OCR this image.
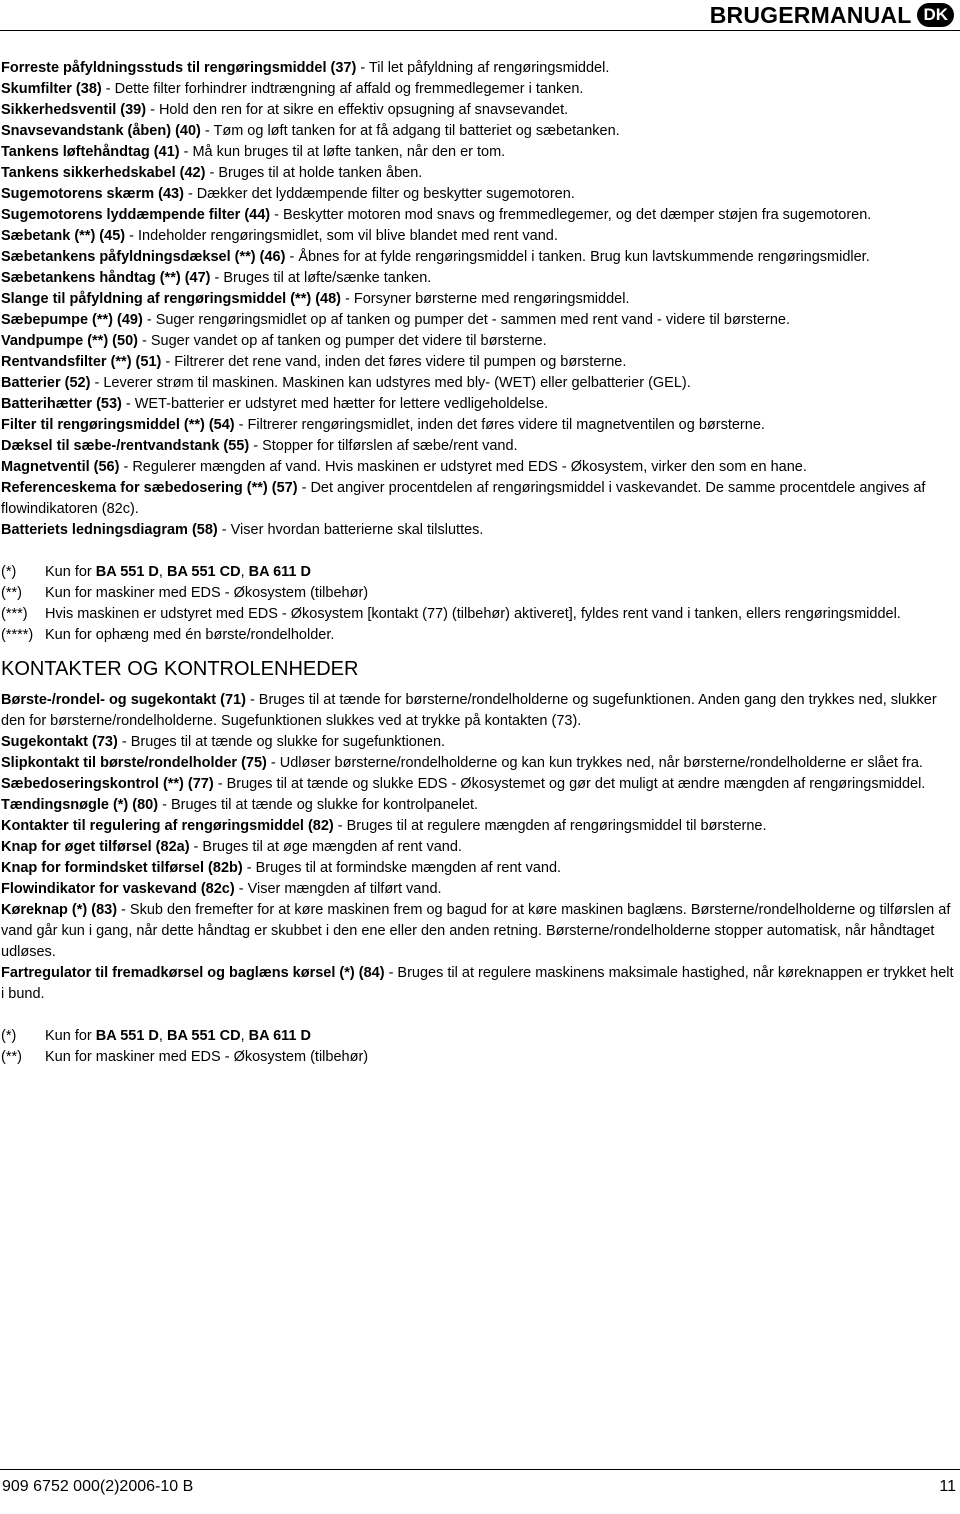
BRUGERMANUAL DK

Forreste påfyldningsstuds til rengøringsmiddel (37) - Til let påfyldning af rengøringsmiddel.

Skumfilter (38) - Dette filter forhindrer indtrængning af affald og fremmedlegemer i tanken.

Sikkerhedsventil (39) - Hold den ren for at sikre en effektiv opsugning af snavsevandet.

Snavsevandstank (åben) (40) - Tøm og løft tanken for at få adgang til batteriet og sæbetanken.

Tankens løftehåndtag (41) - Må kun bruges til at løfte tanken, når den er tom.

Tankens sikkerhedskabel (42) - Bruges til at holde tanken åben.

Sugemotorens skærm (43) - Dækker det lyddæmpende filter og beskytter sugemotoren.

Sugemotorens lyddæmpende filter (44) - Beskytter motoren mod snavs og fremmedlegemer, og det dæmper støjen fra sugemotoren.

Sæbetank (**) (45) - Indeholder rengøringsmidlet, som vil blive blandet med rent vand.

Sæbetankens påfyldningsdæksel (**) (46) - Åbnes for at fylde rengøringsmiddel i tanken. Brug kun lavtskummende rengøringsmidler.

Sæbetankens håndtag (**) (47) - Bruges til at løfte/sænke tanken.

Slange til påfyldning af rengøringsmiddel (**) (48) - Forsyner børsterne med rengøringsmiddel.

Sæbepumpe (**) (49) - Suger rengøringsmidlet op af tanken og pumper det - sammen med rent vand - videre til børsterne.

Vandpumpe (**) (50) - Suger vandet op af tanken og pumper det videre til børsterne.

Rentvandsfilter (**) (51) - Filtrerer det rene vand, inden det føres videre til pumpen og børsterne.

Batterier (52) - Leverer strøm til maskinen. Maskinen kan udstyres med bly- (WET) eller gelbatterier (GEL).

Batterihætter (53) - WET-batterier er udstyret med hætter for lettere vedligeholdelse.

Filter til rengøringsmiddel (**) (54) - Filtrerer rengøringsmidlet, inden det føres videre til magnetventilen og børsterne.

Dæksel til sæbe-/rentvandstank (55) - Stopper for tilførslen af sæbe/rent vand.

Magnetventil (56) - Regulerer mængden af vand. Hvis maskinen er udstyret med EDS - Økosystem, virker den som en hane.

Referenceskema for sæbedosering (**) (57) - Det angiver procentdelen af rengøringsmiddel i vaskevandet. De samme procentdele angives af flowindikatoren (82c).

Batteriets ledningsdiagram (58) - Viser hvordan batterierne skal tilsluttes.

(*)	Kun for BA 551 D, BA 551 CD, BA 611 D
(**)	Kun for maskiner med EDS - Økosystem (tilbehør)
(***)	Hvis maskinen er udstyret med EDS - Økosystem [kontakt (77) (tilbehør) aktiveret], fyldes rent vand i tanken, ellers rengøringsmiddel.
(****) Kun for ophæng med én børste/rondelholder.
KONTAKTER OG KONTROLENHEDER

Børste-/rondel- og sugekontakt (71) - Bruges til at tænde for børsterne/rondelholderne og sugefunktionen. Anden gang den trykkes ned, slukker den for børsterne/rondelholderne. Sugefunktionen slukkes ved at trykke på kontakten (73).

Sugekontakt (73) - Bruges til at tænde og slukke for sugefunktionen.

Slipkontakt til børste/rondelholder (75) - Udløser børsterne/rondelholderne og kan kun trykkes ned, når børsterne/rondelholderne er slået fra.

Sæbedoseringskontrol (**) (77) - Bruges til at tænde og slukke EDS - Økosystemet og gør det muligt at ændre mængden af rengøringsmiddel.

Tændingsnøgle (*) (80) - Bruges til at tænde og slukke for kontrolpanelet.

Kontakter til regulering af rengøringsmiddel (82) - Bruges til at regulere mængden af rengøringsmiddel til børsterne.

Knap for øget tilførsel (82a) - Bruges til at øge mængden af rent vand.

Knap for formindsket tilførsel (82b) - Bruges til at formindske mængden af rent vand.

Flowindikator for vaskevand (82c) - Viser mængden af tilført vand.

Køreknap (*) (83) - Skub den fremefter for at køre maskinen frem og bagud for at køre maskinen baglæns. Børsterne/rondelholderne og tilførslen af vand går kun i gang, når dette håndtag er skubbet i den ene eller den anden retning. Børsterne/rondelholderne stopper automatisk, når håndtaget udløses.

Fartregulator til fremadkørsel og baglæns kørsel (*) (84) - Bruges til at regulere maskinens maksimale hastighed, når køreknappen er trykket helt i bund.

(*)	Kun for BA 551 D, BA 551 CD, BA 611 D
(**)	Kun for maskiner med EDS - Økosystem (tilbehør)
909 6752 000(2)2006-10 B	11
